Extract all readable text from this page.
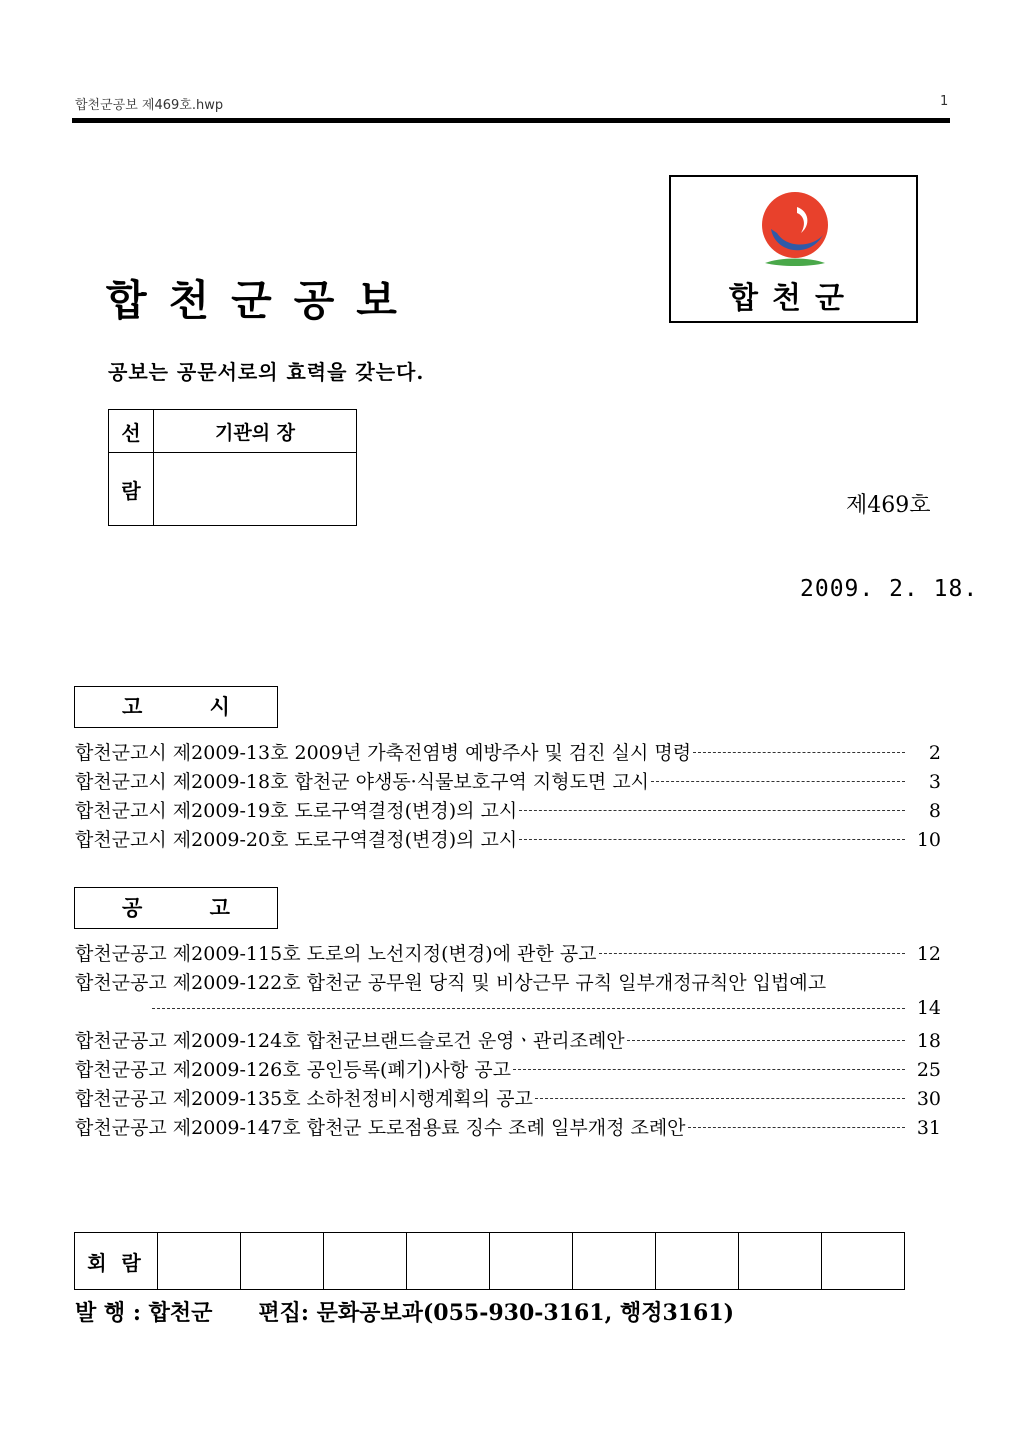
합천군공보 제469호.hwp	1
합천군공보
공보는 공문서로의 효력을 갖는다.
합천군
선	기관의 장
람	
제469호
2009. 2. 18.
고 시
합천군고시 제2009-13호 2009년 가축전염병 예방주사 및 검진 실시 명령	2
합천군고시 제2009-18호 합천군 야생동·식물보호구역 지형도면 고시	3
합천군고시 제2009-19호 도로구역결정(변경)의 고시	8
합천군고시 제2009-20호 도로구역결정(변경)의 고시	10
공 고
합천군공고 제2009-115호 도로의 노선지정(변경)에 관한 공고	12
합천군공고 제2009-122호 합천군 공무원 당직 및 비상근무 규칙 일부개정규칙안 입법예고
14
합천군공고 제2009-124호 합천군브랜드슬로건 운영ㆍ관리조례안	18
합천군공고 제2009-126호 공인등록(폐기)사항 공고	25
합천군공고 제2009-135호 소하천정비시행계획의 공고	30
합천군공고 제2009-147호 합천군 도로점용료 징수 조례 일부개정 조례안	31
회 람									
발 행 : 합천군 편집: 문화공보과(055-930-3161, 행정3161)
